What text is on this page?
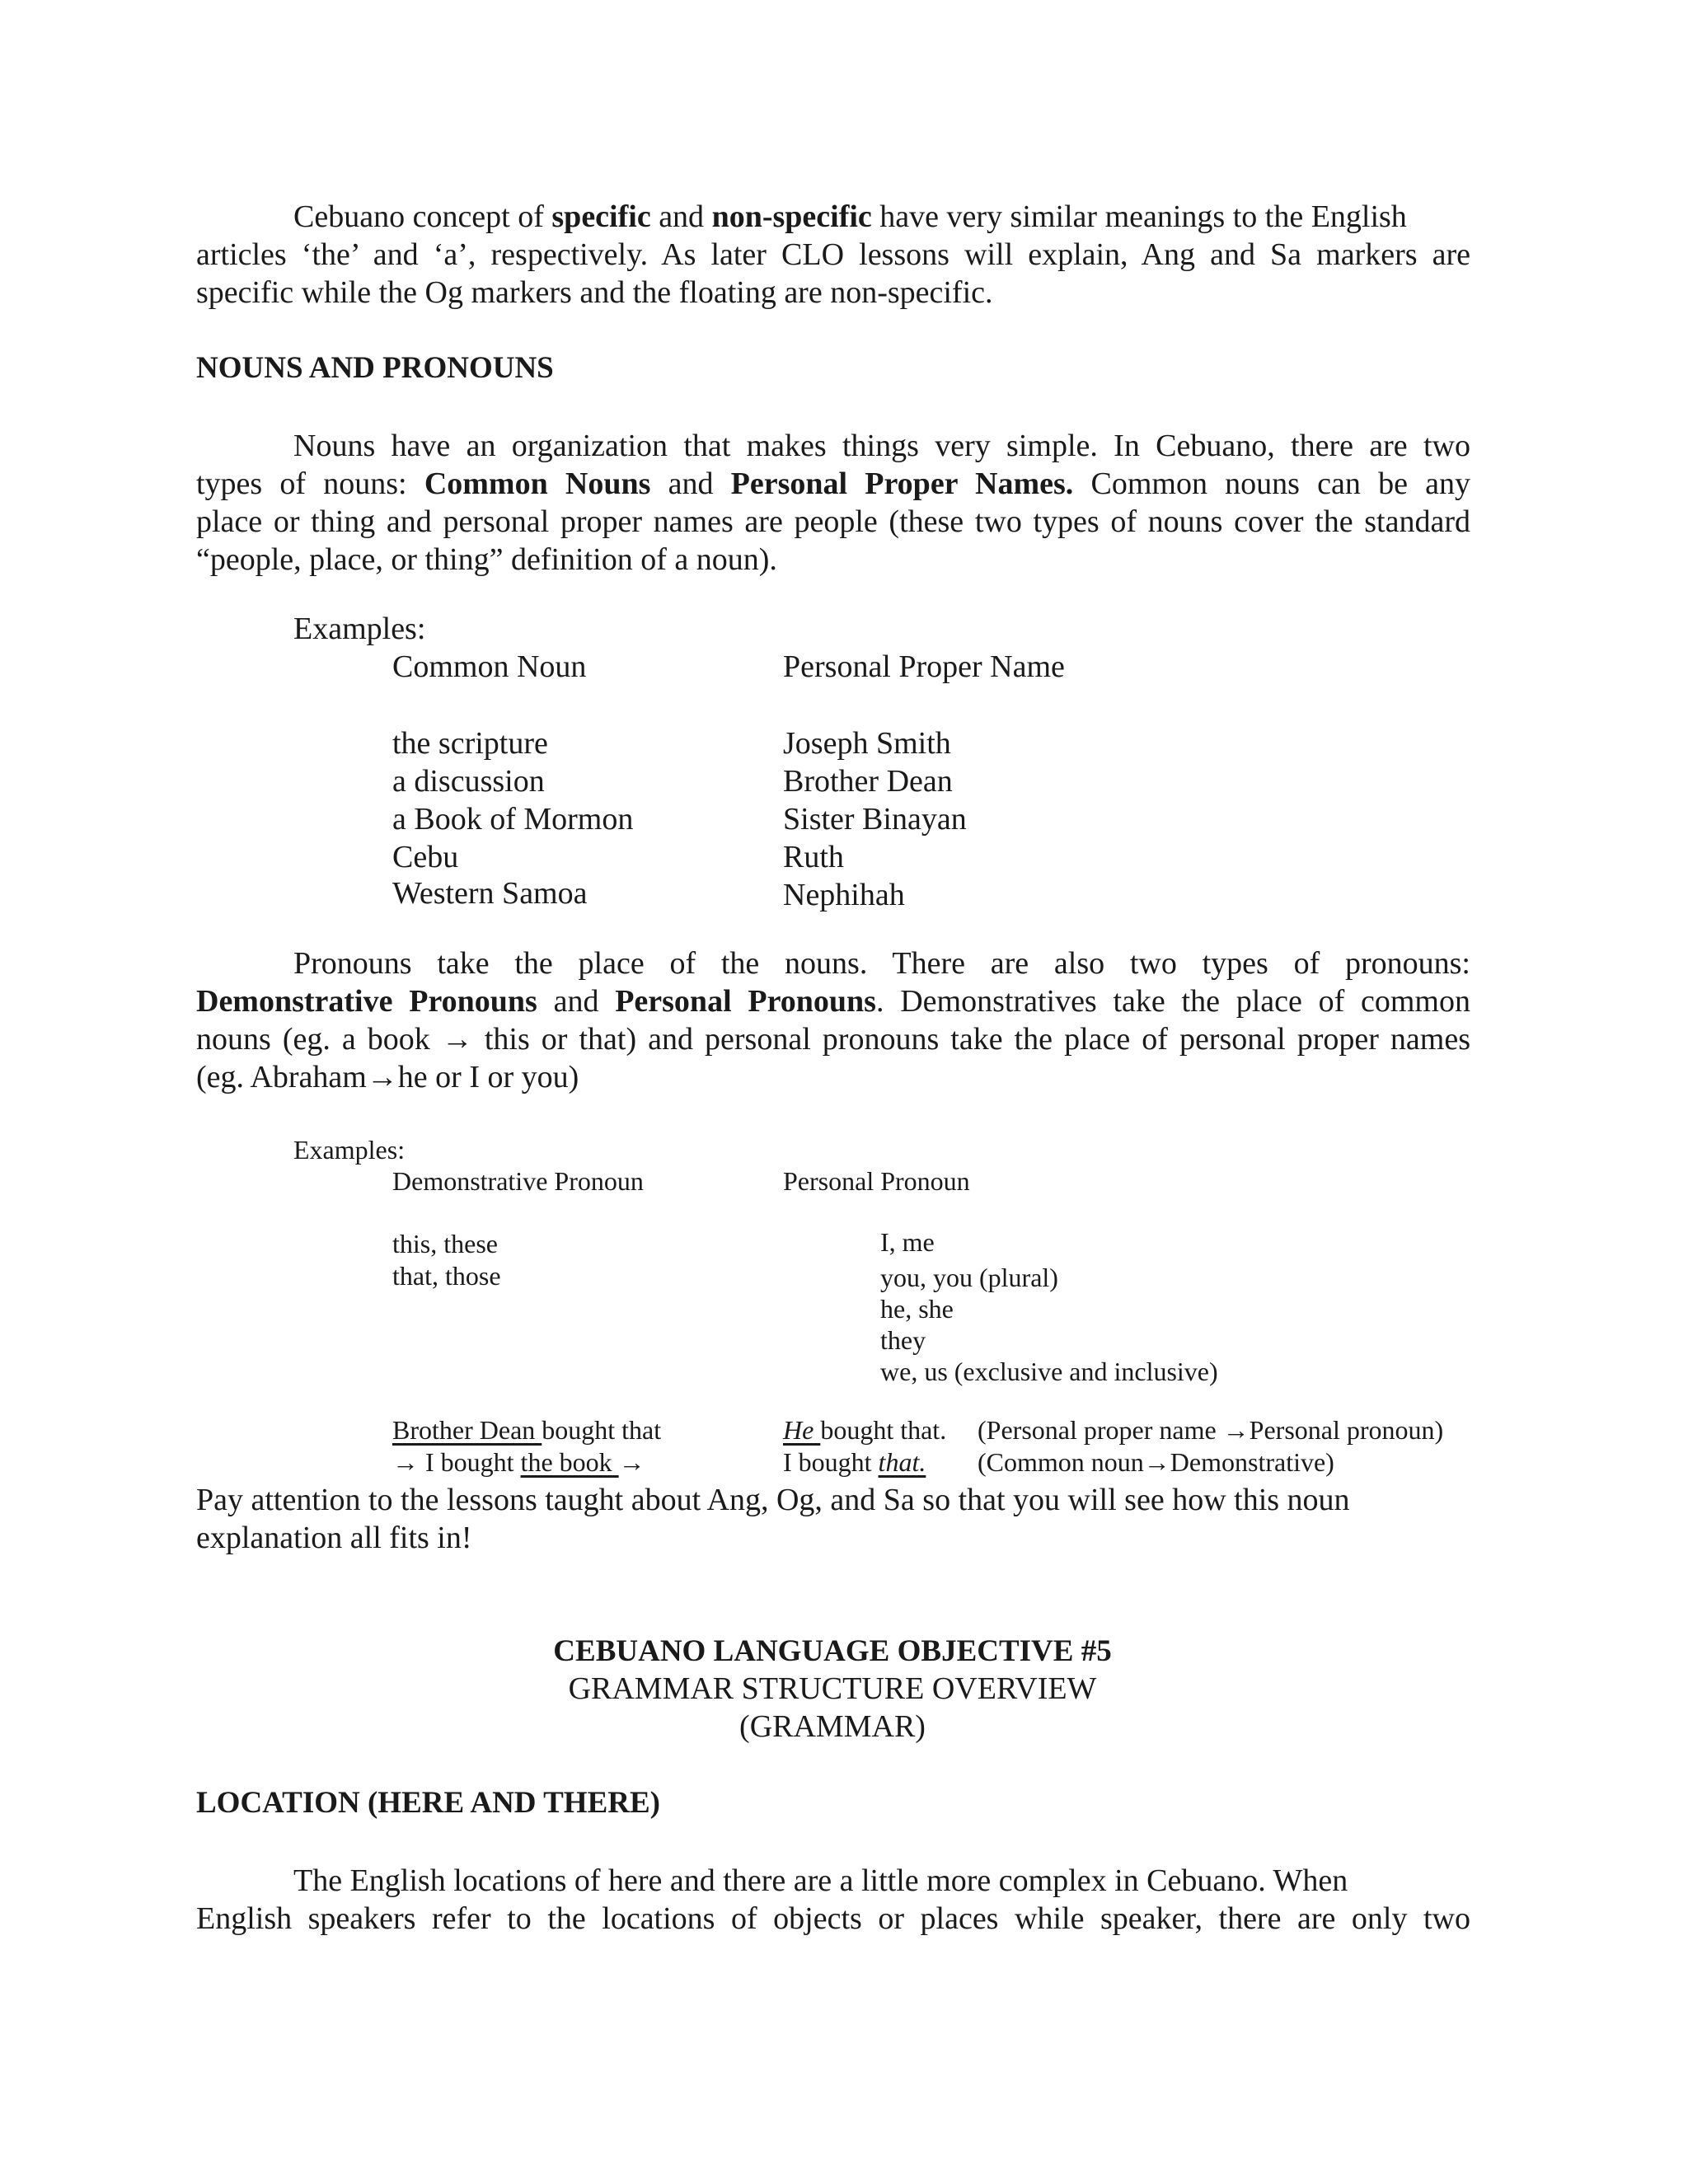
Cebuano concept of specific and non-specific have very similar meanings to the English
articles ‘the’ and ‘a’, respectively. As later CLO lessons will explain, Ang and Sa markers are
specific while the Og markers and the floating are non-specific.
NOUNS AND PRONOUNS
Nouns have an organization that makes things very simple. In Cebuano, there are two
types of nouns: Common Nouns and Personal Proper Names. Common nouns can be any
place or thing and personal proper names are people (these two types of nouns cover the standard
“people, place, or thing” definition of a noun).
Examples:
Common Noun	Personal Proper Name
the scripture
a discussion
a Book of Mormon
Cebu
Western Samoa
Joseph Smith
Brother Dean
Sister Binayan
Ruth
Nephihah
Pronouns take the place of the nouns. There are also two types of pronouns:
Demonstrative Pronouns and Personal Pronouns. Demonstratives take the place of common
nouns (eg. a book → this or that) and personal pronouns take the place of personal proper names
(eg. Abraham→he or I or you)
Examples:
Demonstrative Pronoun	Personal Pronoun
this, these
that, those
I, me
you, you (plural)
he, she
they
we, us (exclusive and inclusive)
Brother Dean bought that
→ I bought the book →
He bought that.
I bought that.
(Personal proper name →Personal pronoun)
(Common noun→Demonstrative)
Pay attention to the lessons taught about Ang, Og, and Sa so that you will see how this noun
explanation all fits in!
CEBUANO LANGUAGE OBJECTIVE #5
GRAMMAR STRUCTURE OVERVIEW
(GRAMMAR)
LOCATION (HERE AND THERE)
The English locations of here and there are a little more complex in Cebuano. When
English speakers refer to the locations of objects or places while speaker, there are only two
